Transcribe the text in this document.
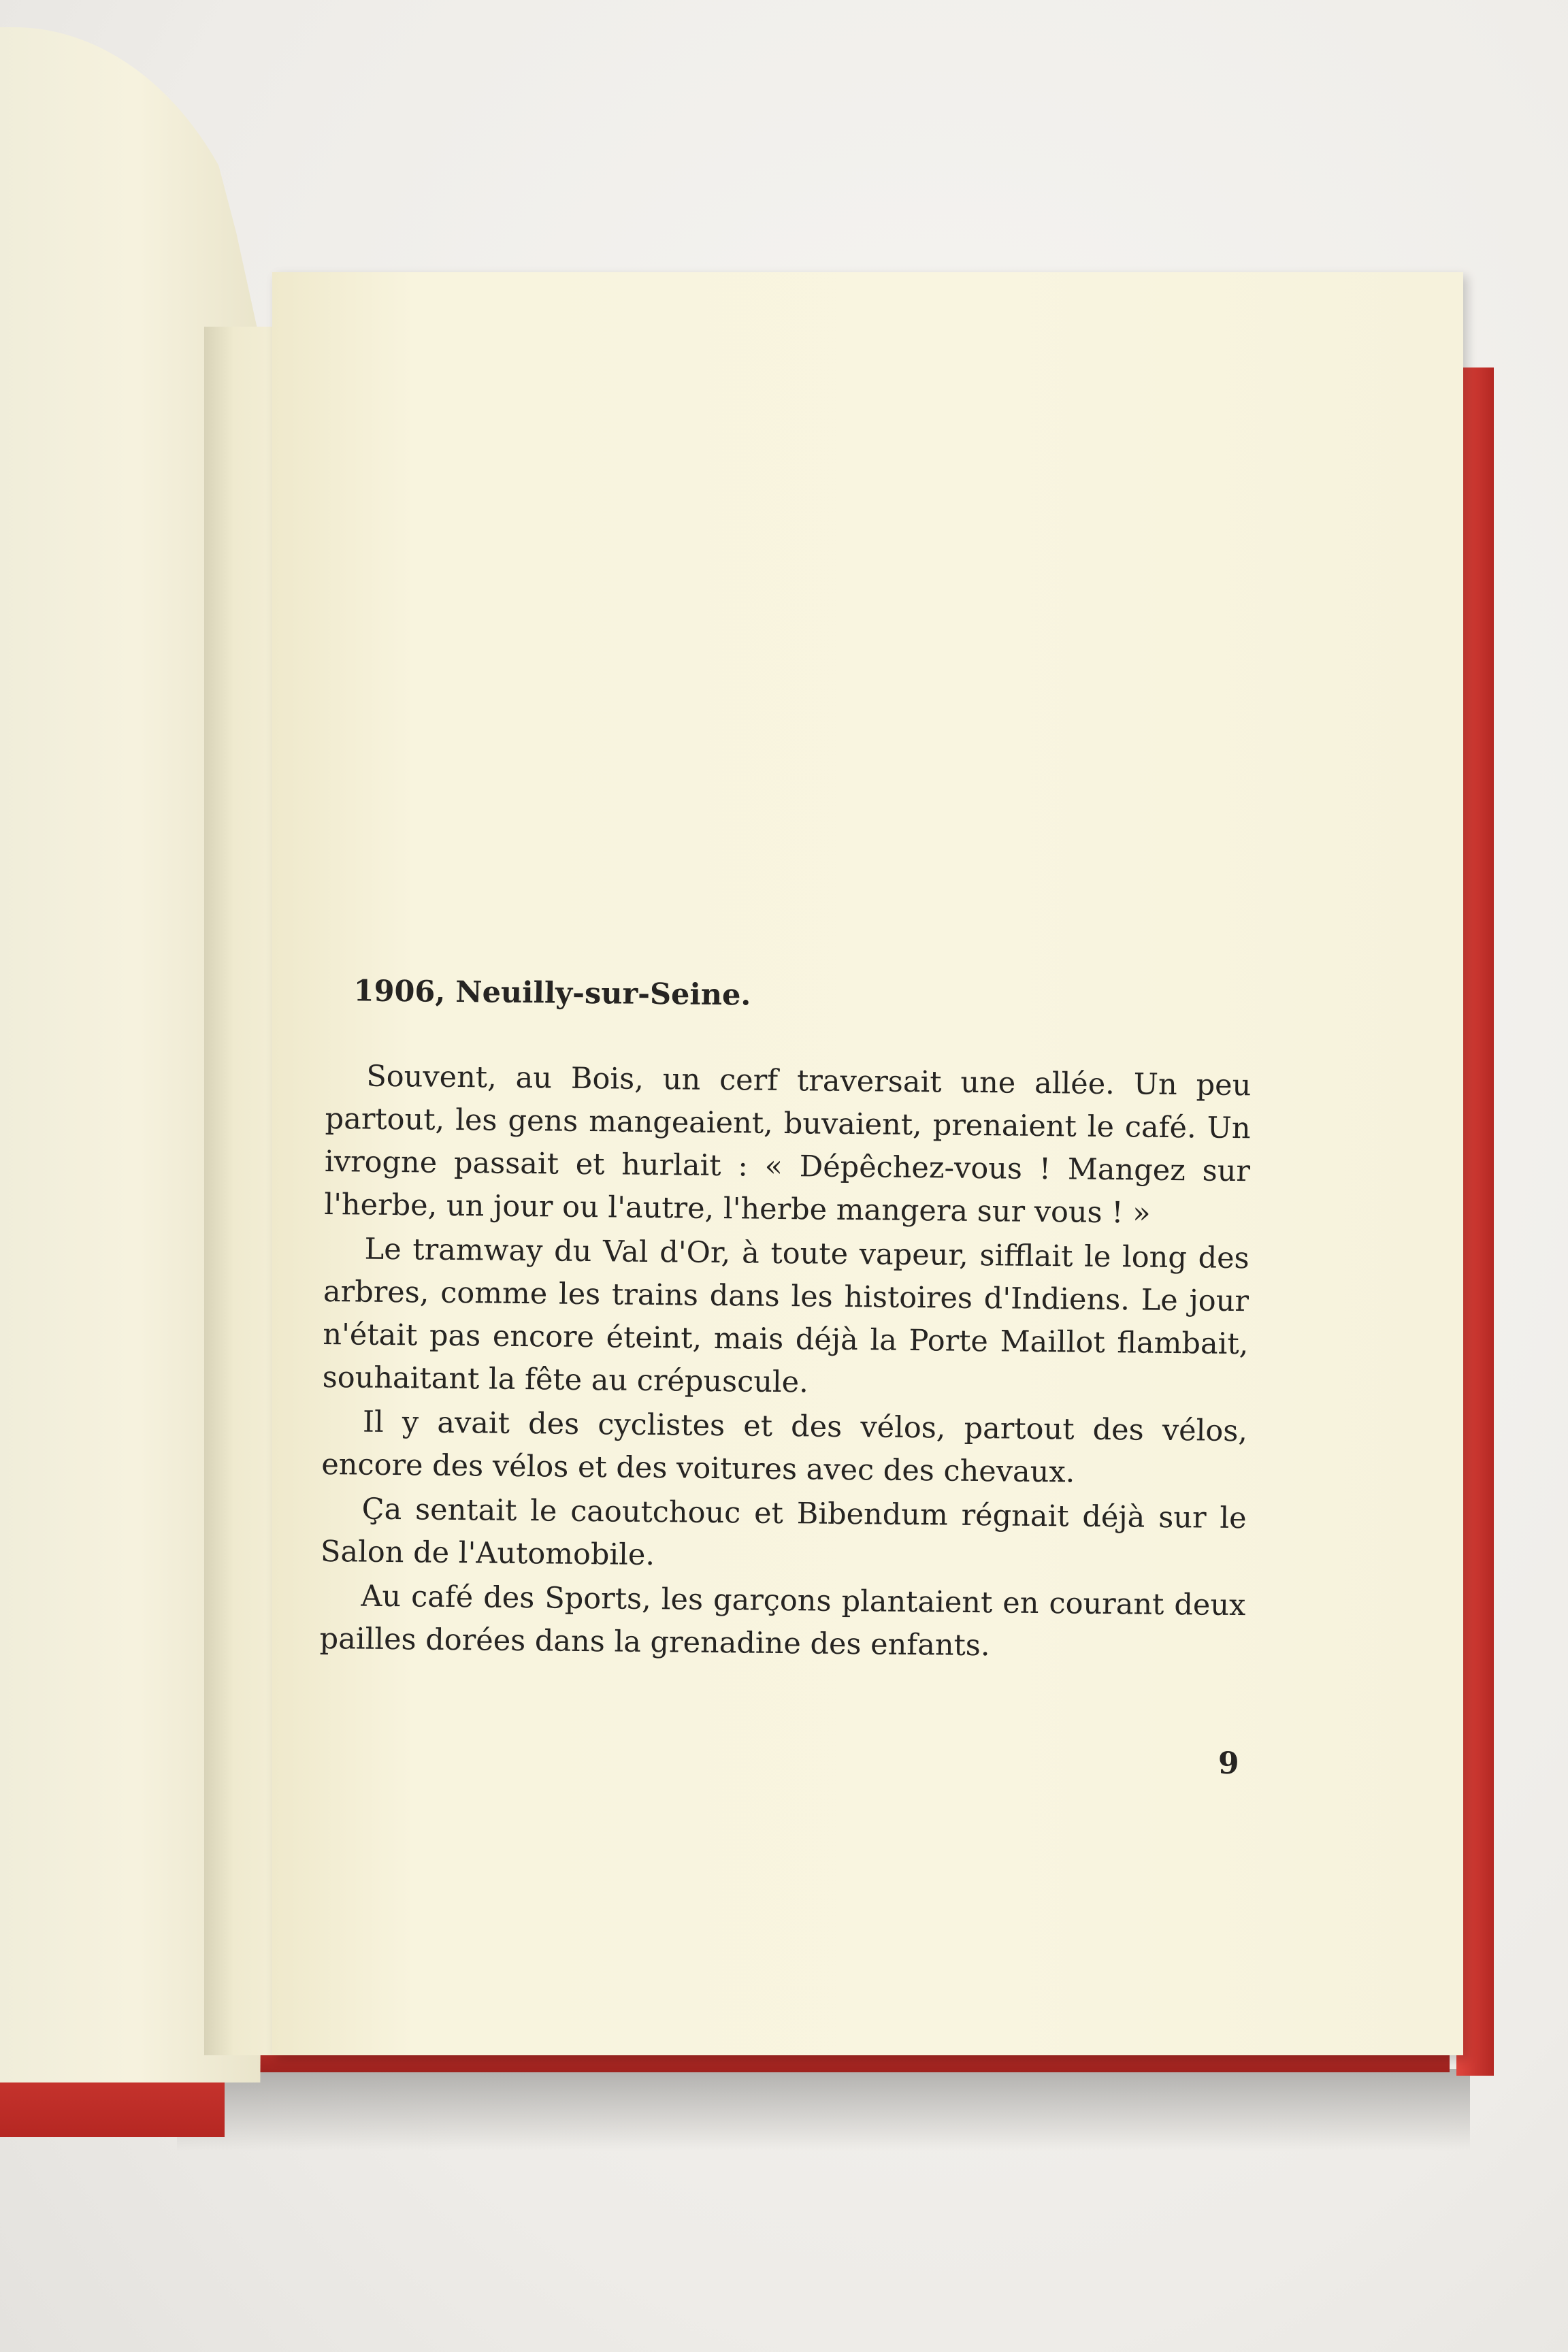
1906, Neuilly-sur-Seine.

Souvent, au Bois, un cerf traversait une allée. Un peu partout, les gens mangeaient, buvaient, prenaient le café. Un ivrogne passait et hurlait : « Dépêchez-vous ! Mangez sur l'herbe, un jour ou l'autre, l'herbe mangera sur vous ! »

Le tramway du Val d'Or, à toute vapeur, sifflait le long des arbres, comme les trains dans les histoires d'Indiens. Le jour n'était pas encore éteint, mais déjà la Porte Maillot flambait, souhaitant la fête au crépuscule.

Il y avait des cyclistes et des vélos, partout des vélos, encore des vélos et des voitures avec des chevaux.

Ça sentait le caoutchouc et Bibendum régnait déjà sur le Salon de l'Automobile.

Au café des Sports, les garçons plantaient en courant deux pailles dorées dans la grenadine des enfants.

9
